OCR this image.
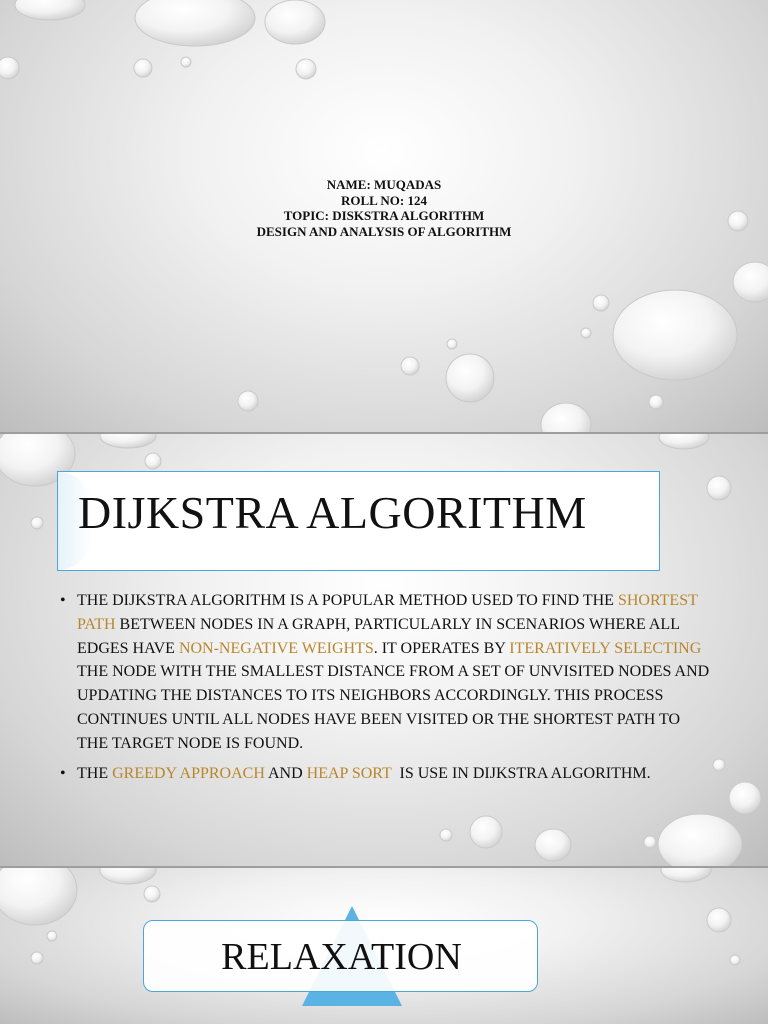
NAME: MUQADAS
ROLL NO: 124
TOPIC: DISKSTRA ALGORITHM
DESIGN AND ANALYSIS OF ALGORITHM
DIJKSTRA ALGORITHM
• THE DIJKSTRA ALGORITHM IS A POPULAR METHOD USED TO FIND THE SHORTEST PATH BETWEEN NODES IN A GRAPH, PARTICULARLY IN SCENARIOS WHERE ALL EDGES HAVE NON-NEGATIVE WEIGHTS. IT OPERATES BY ITERATIVELY SELECTING THE NODE WITH THE SMALLEST DISTANCE FROM A SET OF UNVISITED NODES AND UPDATING THE DISTANCES TO ITS NEIGHBORS ACCORDINGLY. THIS PROCESS CONTINUES UNTIL ALL NODES HAVE BEEN VISITED OR THE SHORTEST PATH TO THE TARGET NODE IS FOUND.
• THE GREEDY APPROACH AND HEAP SORT  IS USE IN DIJKSTRA ALGORITHM.
RELAXATION
